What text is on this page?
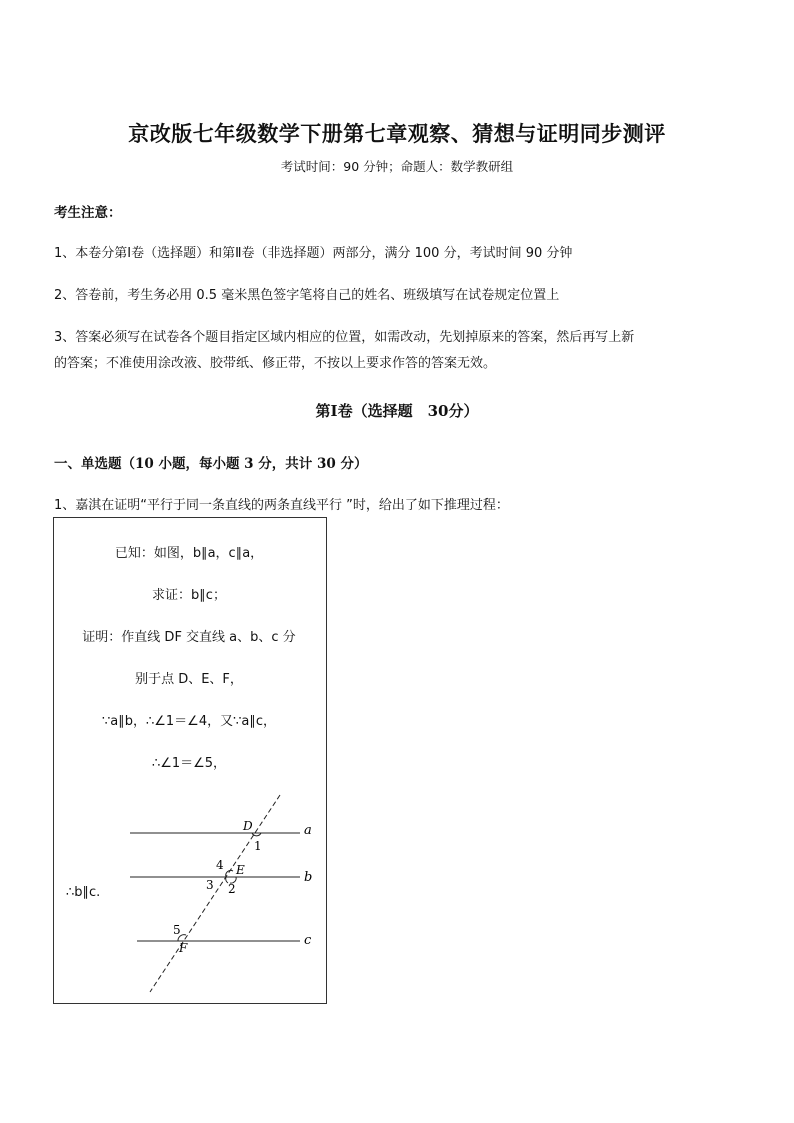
京改版七年级数学下册第七章观察、猜想与证明同步测评
考试时间：90 分钟；命题人：数学教研组
考生注意：
1、本卷分第Ⅰ卷（选择题）和第Ⅱ卷（非选择题）两部分，满分 100 分，考试时间 90 分钟
2、答卷前，考生务必用 0.5 毫米黑色签字笔将自己的姓名、班级填写在试卷规定位置上
3、答案必须写在试卷各个题目指定区域内相应的位置，如需改动，先划掉原来的答案，然后再写上新
的答案；不准使用涂改液、胶带纸、修正带，不按以上要求作答的答案无效。
第Ⅰ卷（选择题　30分）
一、单选题（10 小题，每小题 3 分，共计 30 分）
1、嘉淇在证明“平行于同一条直线的两条直线平行 ”时，给出了如下推理过程：
已知：如图，b∥a，c∥a，
求证：b∥c；
证明：作直线 DF 交直线 a、b、c 分
别于点 D、E、F，
∵a∥b，∴∠1＝∠4，又∵a∥c，
∴∠1＝∠5，
∴b∥c.
a
b
c
D
E
F
1
4
3 2
5
